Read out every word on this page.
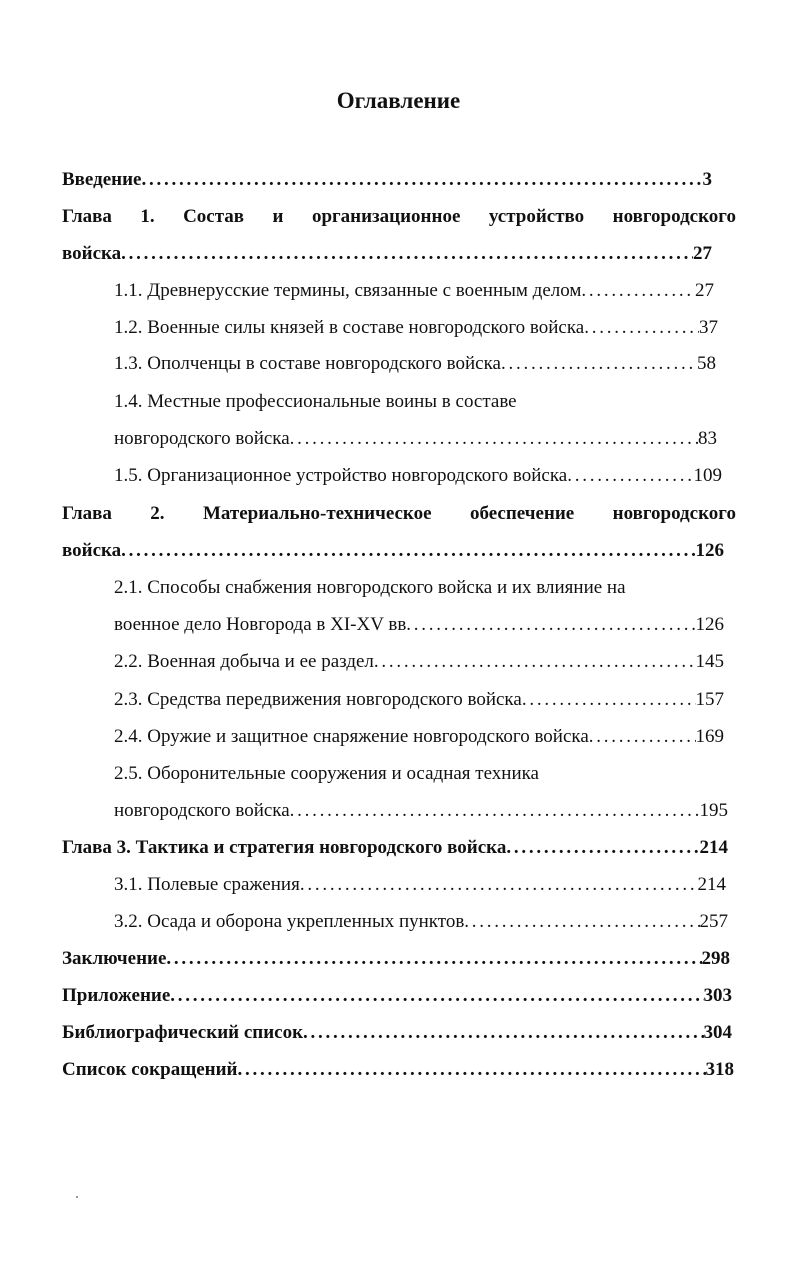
Оглавление
Введение . . .	3
Глава 1. Состав и организационное устройство новгородского
войска . . .	27
1.1. Древнерусские термины, связанные с военным делом . . .	27
1.2. Военные силы князей в составе новгородского войска . . .	37
1.3. Ополченцы в составе новгородского войска . . .	58
1.4. Местные профессиональные воины в составе
новгородского войска . . .	83
1.5. Организационное устройство новгородского войска . . .	109
Глава 2. Материально-техническое обеспечение новгородского
войска . . .	126
2.1. Способы снабжения новгородского войска и их влияние на
военное дело Новгорода в XI-XV вв . . .	126
2.2. Военная добыча и ее раздел . . .	145
2.3. Средства передвижения новгородского войска . . .	157
2.4. Оружие и защитное снаряжение новгородского войска . . .	169
2.5. Оборонительные сооружения и осадная техника
новгородского войска . . .	195
Глава 3. Тактика и стратегия новгородского войска . . .	214
3.1. Полевые сражения . . .	214
3.2. Осада и оборона укрепленных пунктов . . .	257
Заключение . . .	298
Приложение . . .	303
Библиографический список . . .	304
Список сокращений . . .	318
